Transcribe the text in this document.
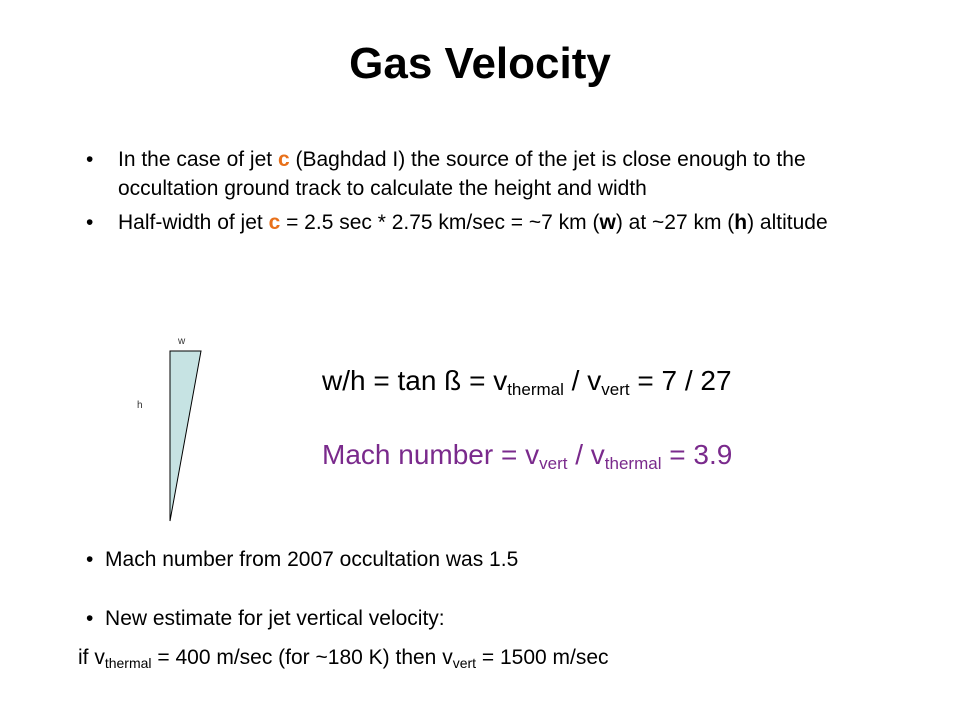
Gas Velocity
• In the case of jet c (Baghdad I) the source of the jet is close enough to the occultation ground track to calculate the height and width
• Half-width of jet c = 2.5 sec * 2.75 km/sec = ~7 km (w) at ~27 km (h) altitude
w
h
w/h = tan ß = $v_{thermal} / v_{vert} = 7 / 27$
Mach number = $v_{vert} / v_{thermal} = 3.9$
• Mach number from 2007 occultation was 1.5
• New estimate for jet vertical velocity:
if $v_{thermal} = 400$ m/sec (for ~180 K) then $v_{vert} = 1500$ m/sec
